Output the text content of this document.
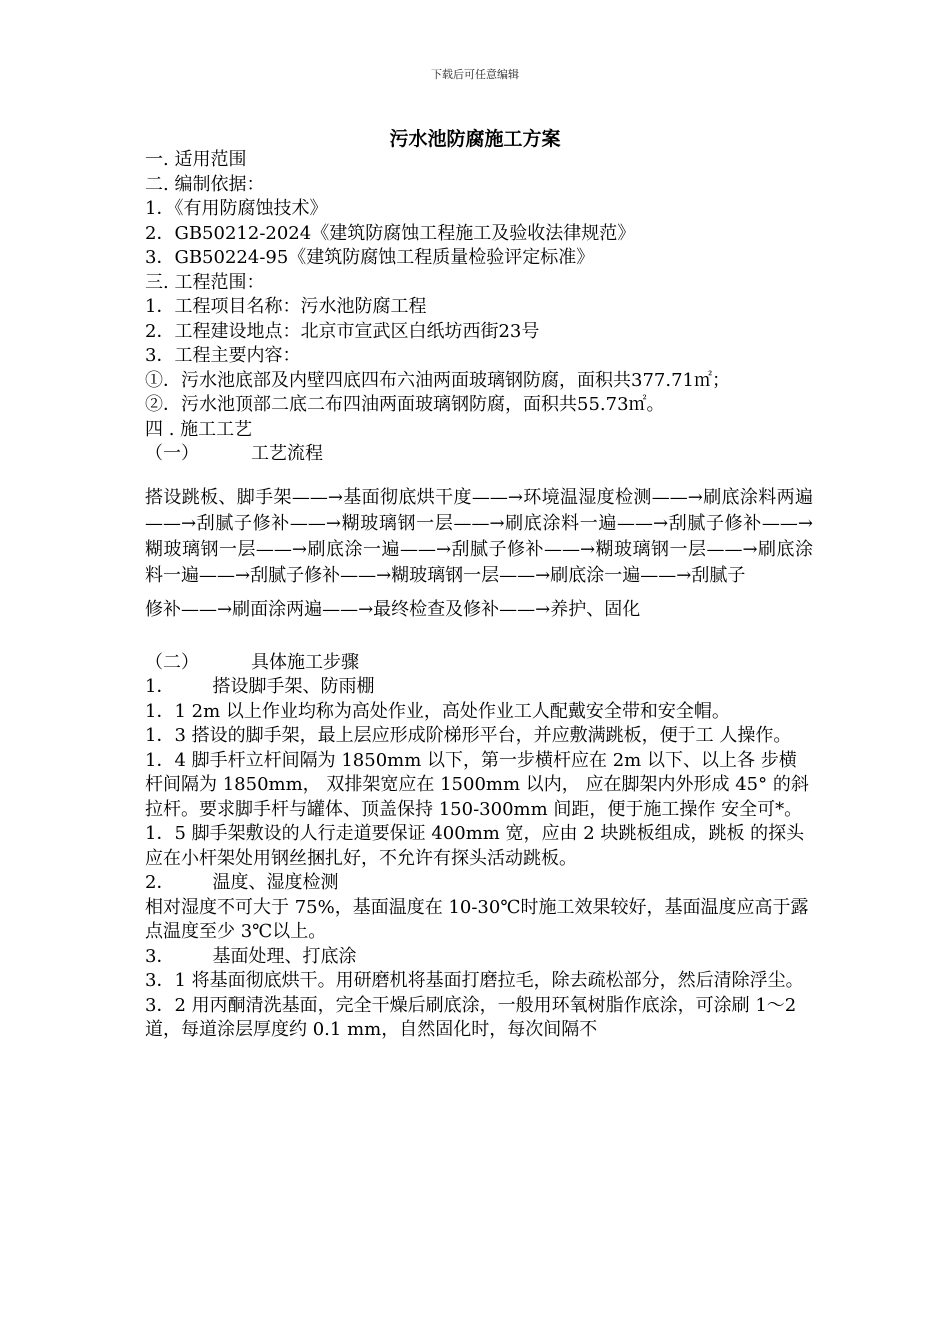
下载后可任意编辑
污水池防腐施工方案
一. 适用范围
二. 编制依据：
1．《有用防腐蚀技术》
2．GB50212-2024《建筑防腐蚀工程施工及验收法律规范》
3．GB50224-95《建筑防腐蚀工程质量检验评定标准》
三. 工程范围：
1．工程项目名称：污水池防腐工程
2．工程建设地点：北京市宣武区白纸坊西街23号
3．工程主要内容：
①．污水池底部及内壁四底四布六油两面玻璃钢防腐，面积共377.71㎡；
②．污水池顶部二底二布四油两面玻璃钢防腐，面积共55.73㎡。
四 . 施工工艺
（一）	工艺流程
搭设跳板、脚手架——→基面彻底烘干度——→环境温湿度检测——→刷底涂料两遍——→刮腻子修补——→糊玻璃钢一层——→刷底涂料一遍——→刮腻子修补——→糊玻璃钢一层——→刷底涂一遍——→刮腻子修补——→糊玻璃钢一层——→刷底涂料一遍——→刮腻子修补——→糊玻璃钢一层——→刷底涂一遍——→刮腻子
修补——→刷面涂两遍——→最终检查及修补——→养护、固化
（二）	具体施工步骤
1． 搭设脚手架、防雨棚
1．1 2m 以上作业均称为高处作业，高处作业工人配戴安全带和安全帽。
1．3 搭设的脚手架，最上层应形成阶梯形平台，并应敷满跳板，便于工 人操作。
1．4 脚手杆立杆间隔为 1850mm 以下，第一步横杆应在 2m 以下、以上各 步横杆间隔为 1850mm， 双排架宽应在 1500mm 以内， 应在脚架内外形成 45° 的斜拉杆。要求脚手杆与罐体、顶盖保持 150-300mm 间距，便于施工操作 安全可*。
1．5 脚手架敷设的人行走道要保证 400mm 宽，应由 2 块跳板组成，跳板 的探头应在小杆架处用钢丝捆扎好，不允许有探头活动跳板。
2． 温度、湿度检测
相对湿度不可大于 75%，基面温度在 10-30℃时施工效果较好，基面温度应高于露点温度至少 3℃以上。
3． 基面处理、打底涂
3．1 将基面彻底烘干。用研磨机将基面打磨拉毛，除去疏松部分，然后清除浮尘。
3．2 用丙酮清洗基面，完全干燥后刷底涂，一般用环氧树脂作底涂，可涂刷 1～2 道，每道涂层厚度约 0.1 mm，自然固化时，每次间隔不
